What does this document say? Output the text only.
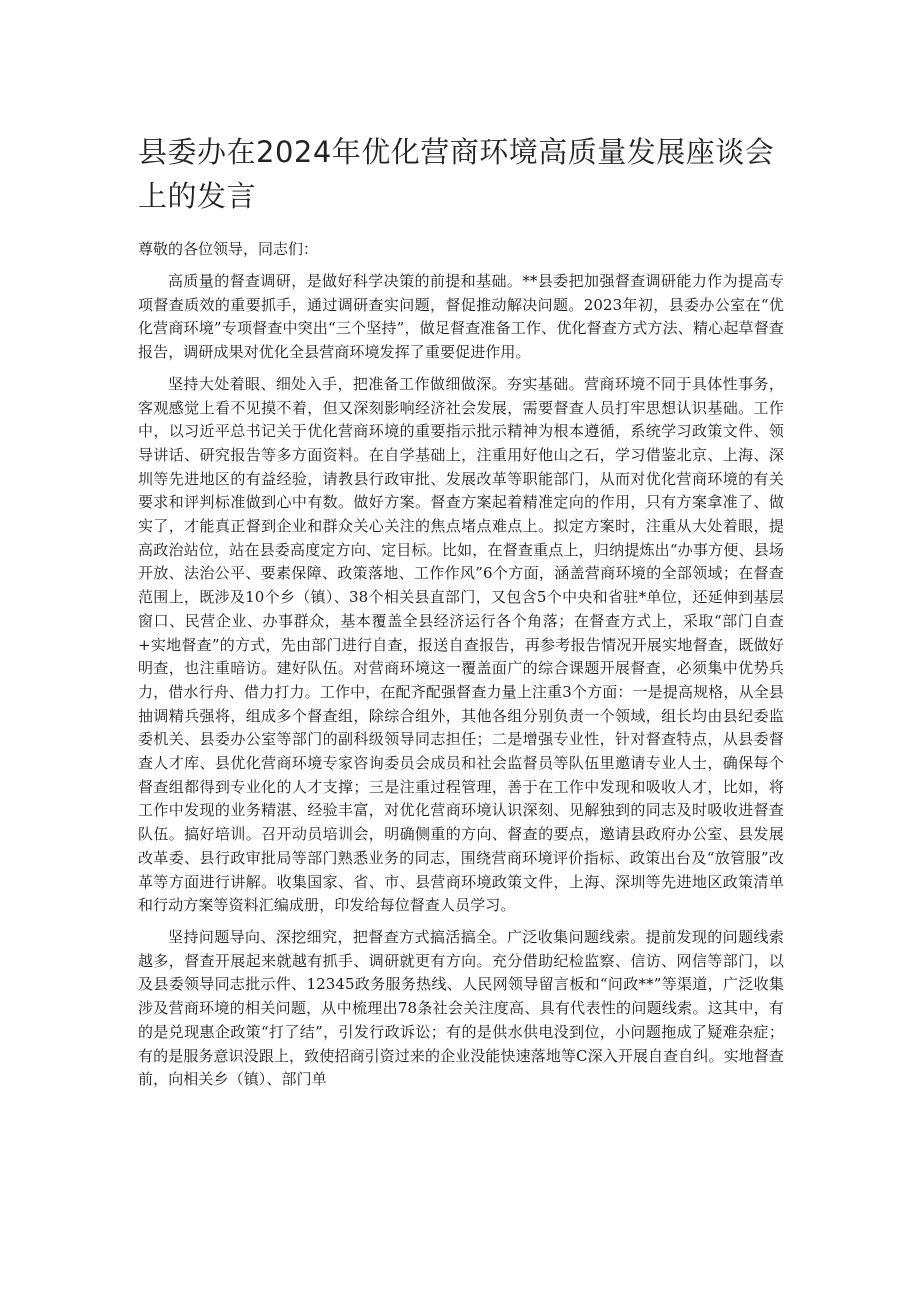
县委办在2024年优化营商环境高质量发展座谈会上的发言
尊敬的各位领导，同志们：

高质量的督查调研，是做好科学决策的前提和基础。**县委把加强督查调研能力作为提高专项督查质效的重要抓手，通过调研查实问题，督促推动解决问题。2023年初，县委办公室在“优化营商环境”专项督查中突出“三个坚持”，做足督查准备工作、优化督查方式方法、精心起草督查报告，调研成果对优化全县营商环境发挥了重要促进作用。

坚持大处着眼、细处入手，把准备工作做细做深。夯实基础。营商环境不同于具体性事务，客观感觉上看不见摸不着，但又深刻影响经济社会发展，需要督查人员打牢思想认识基础。工作中，以习近平总书记关于优化营商环境的重要指示批示精神为根本遵循，系统学习政策文件、领导讲话、研究报告等多方面资料。在自学基础上，注重用好他山之石，学习借鉴北京、上海、深圳等先进地区的有益经验，请教县行政审批、发展改革等职能部门，从而对优化营商环境的有关要求和评判标准做到心中有数。做好方案。督查方案起着精准定向的作用，只有方案拿准了、做实了，才能真正督到企业和群众关心关注的焦点堵点难点上。拟定方案时，注重从大处着眼，提高政治站位，站在县委高度定方向、定目标。比如，在督查重点上，归纳提炼出“办事方便、县场开放、法治公平、要素保障、政策落地、工作作风”6个方面，涵盖营商环境的全部领域；在督查范围上，既涉及10个乡（镇）、38个相关县直部门，又包含5个中央和省驻*单位，还延伸到基层窗口、民营企业、办事群众，基本覆盖全县经济运行各个角落；在督查方式上，采取“部门自查+实地督查”的方式，先由部门进行自查，报送自查报告，再参考报告情况开展实地督查，既做好明查，也注重暗访。建好队伍。对营商环境这一覆盖面广的综合课题开展督查，必须集中优势兵力，借水行舟、借力打力。工作中，在配齐配强督查力量上注重3个方面：一是提高规格，从全县抽调精兵强将，组成多个督查组，除综合组外，其他各组分别负责一个领域，组长均由县纪委监委机关、县委办公室等部门的副科级领导同志担任；二是增强专业性，针对督查特点，从县委督查人才库、县优化营商环境专家咨询委员会成员和社会监督员等队伍里邀请专业人士，确保每个督查组都得到专业化的人才支撑；三是注重过程管理，善于在工作中发现和吸收人才，比如，将工作中发现的业务精湛、经验丰富，对优化营商环境认识深刻、见解独到的同志及时吸收进督查队伍。搞好培训。召开动员培训会，明确侧重的方向、督查的要点，邀请县政府办公室、县发展改革委、县行政审批局等部门熟悉业务的同志，围绕营商环境评价指标、政策出台及“放管服”改革等方面进行讲解。收集国家、省、市、县营商环境政策文件，上海、深圳等先进地区政策清单和行动方案等资料汇编成册，印发给每位督查人员学习。

坚持问题导向、深挖细究，把督查方式搞活搞全。广泛收集问题线索。提前发现的问题线索越多，督查开展起来就越有抓手、调研就更有方向。充分借助纪检监察、信访、网信等部门，以及县委领导同志批示件、12345政务服务热线、人民网领导留言板和“问政**”等渠道，广泛收集涉及营商环境的相关问题，从中梳理出78条社会关注度高、具有代表性的问题线索。这其中，有的是兑现惠企政策“打了结”，引发行政诉讼；有的是供水供电没到位，小问题拖成了疑难杂症；有的是服务意识没跟上，致使招商引资过来的企业没能快速落地等C深入开展自查自纠。实地督查前，向相关乡（镇）、部门单
